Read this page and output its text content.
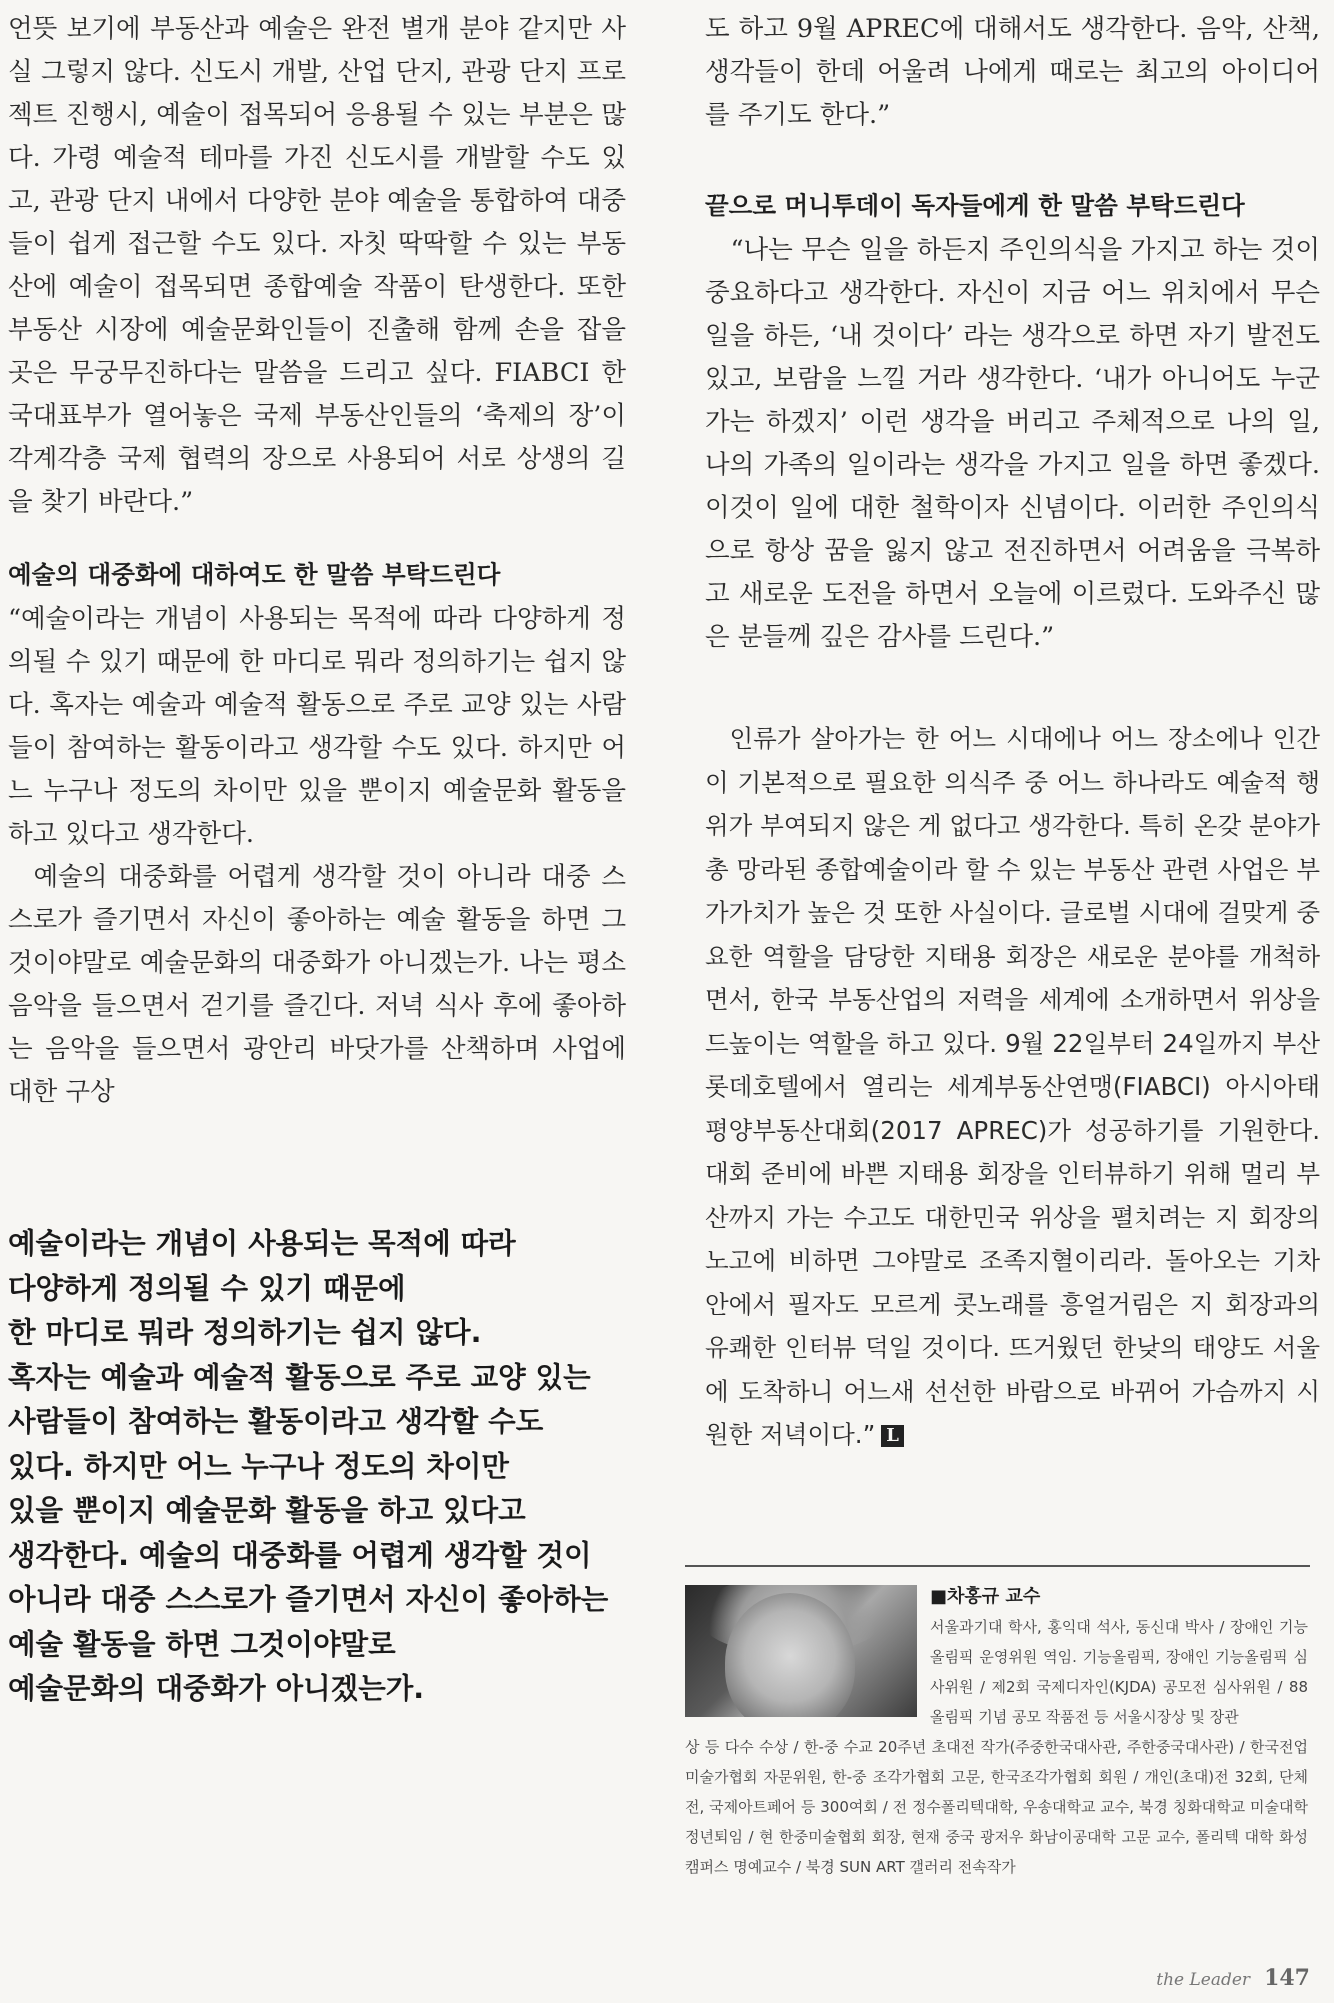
언뜻 보기에 부동산과 예술은 완전 별개 분야 같지만 사실 그렇지 않다. 신도시 개발, 산업 단지, 관광 단지 프로젝트 진행시, 예술이 접목되어 응용될 수 있는 부분은 많다. 가령 예술적 테마를 가진 신도시를 개발할 수도 있고, 관광 단지 내에서 다양한 분야 예술을 통합하여 대중들이 쉽게 접근할 수도 있다. 자칫 딱딱할 수 있는 부동산에 예술이 접목되면 종합예술 작품이 탄생한다. 또한 부동산 시장에 예술문화인들이 진출해 함께 손을 잡을 곳은 무궁무진하다는 말씀을 드리고 싶다. FIABCI 한국대표부가 열어놓은 국제 부동산인들의 ‘축제의 장’이 각계각층 국제 협력의 장으로 사용되어 서로 상생의 길을 찾기 바란다.”

예술의 대중화에 대하여도 한 말씀 부탁드린다

“예술이라는 개념이 사용되는 목적에 따라 다양하게 정의될 수 있기 때문에 한 마디로 뭐라 정의하기는 쉽지 않다. 혹자는 예술과 예술적 활동으로 주로 교양 있는 사람들이 참여하는 활동이라고 생각할 수도 있다. 하지만 어느 누구나 정도의 차이만 있을 뿐이지 예술문화 활동을 하고 있다고 생각한다.

예술의 대중화를 어렵게 생각할 것이 아니라 대중 스스로가 즐기면서 자신이 좋아하는 예술 활동을 하면 그것이야말로 예술문화의 대중화가 아니겠는가. 나는 평소 음악을 들으면서 걷기를 즐긴다. 저녁 식사 후에 좋아하는 음악을 들으면서 광안리 바닷가를 산책하며 사업에 대한 구상

예술이라는 개념이 사용되는 목적에 따라
다양하게 정의될 수 있기 때문에
한 마디로 뭐라 정의하기는 쉽지 않다.
혹자는 예술과 예술적 활동으로 주로 교양 있는
사람들이 참여하는 활동이라고 생각할 수도
있다. 하지만 어느 누구나 정도의 차이만
있을 뿐이지 예술문화 활동을 하고 있다고
생각한다. 예술의 대중화를 어렵게 생각할 것이
아니라 대중 스스로가 즐기면서 자신이 좋아하는
예술 활동을 하면 그것이야말로
예술문화의 대중화가 아니겠는가.

도 하고 9월 APREC에 대해서도 생각한다. 음악, 산책, 생각들이 한데 어울려 나에게 때로는 최고의 아이디어를 주기도 한다.”

끝으로 머니투데이 독자들에게 한 말씀 부탁드린다

“나는 무슨 일을 하든지 주인의식을 가지고 하는 것이 중요하다고 생각한다. 자신이 지금 어느 위치에서 무슨 일을 하든, ‘내 것이다’ 라는 생각으로 하면 자기 발전도 있고, 보람을 느낄 거라 생각한다. ‘내가 아니어도 누군가는 하겠지’ 이런 생각을 버리고 주체적으로 나의 일, 나의 가족의 일이라는 생각을 가지고 일을 하면 좋겠다. 이것이 일에 대한 철학이자 신념이다. 이러한 주인의식으로 항상 꿈을 잃지 않고 전진하면서 어려움을 극복하고 새로운 도전을 하면서 오늘에 이르렀다. 도와주신 많은 분들께 깊은 감사를 드린다.”

인류가 살아가는 한 어느 시대에나 어느 장소에나 인간이 기본적으로 필요한 의식주 중 어느 하나라도 예술적 행위가 부여되지 않은 게 없다고 생각한다. 특히 온갖 분야가 총 망라된 종합예술이라 할 수 있는 부동산 관련 사업은 부가가치가 높은 것 또한 사실이다. 글로벌 시대에 걸맞게 중요한 역할을 담당한 지태용 회장은 새로운 분야를 개척하면서, 한국 부동산업의 저력을 세계에 소개하면서 위상을 드높이는 역할을 하고 있다. 9월 22일부터 24일까지 부산 롯데호텔에서 열리는 세계부동산연맹(FIABCI) 아시아태평양부동산대회(2017 APREC)가 성공하기를 기원한다. 대회 준비에 바쁜 지태용 회장을 인터뷰하기 위해 멀리 부산까지 가는 수고도 대한민국 위상을 펼치려는 지 회장의 노고에 비하면 그야말로 조족지혈이리라. 돌아오는 기차 안에서 필자도 모르게 콧노래를 흥얼거림은 지 회장과의 유쾌한 인터뷰 덕일 것이다. 뜨거웠던 한낮의 태양도 서울에 도착하니 어느새 선선한 바람으로 바뀌어 가슴까지 시원한 저녁이다.” L

■차홍규 교수

서울과기대 학사, 홍익대 석사, 동신대 박사 / 장애인 기능올림픽 운영위원 역임. 기능올림픽, 장애인 기능올림픽 심사위원 / 제2회 국제디자인(KJDA) 공모전 심사위원 / 88올림픽 기념 공모 작품전 등 서울시장상 및 장관

상 등 다수 수상 / 한-중 수교 20주년 초대전 작가(주중한국대사관, 주한중국대사관) / 한국전업미술가협회 자문위원, 한-중 조각가협회 고문, 한국조각가협회 회원 / 개인(초대)전 32회, 단체전, 국제아트페어 등 300여회 / 전 정수폴리텍대학, 우송대학교 교수, 북경 칭화대학교 미술대학 정년퇴임 / 현 한중미술협회 회장, 현재 중국 광저우 화남이공대학 고문 교수, 폴리텍 대학 화성캠퍼스 명예교수 / 북경 SUN ART 갤러리 전속작가

the Leader 147
